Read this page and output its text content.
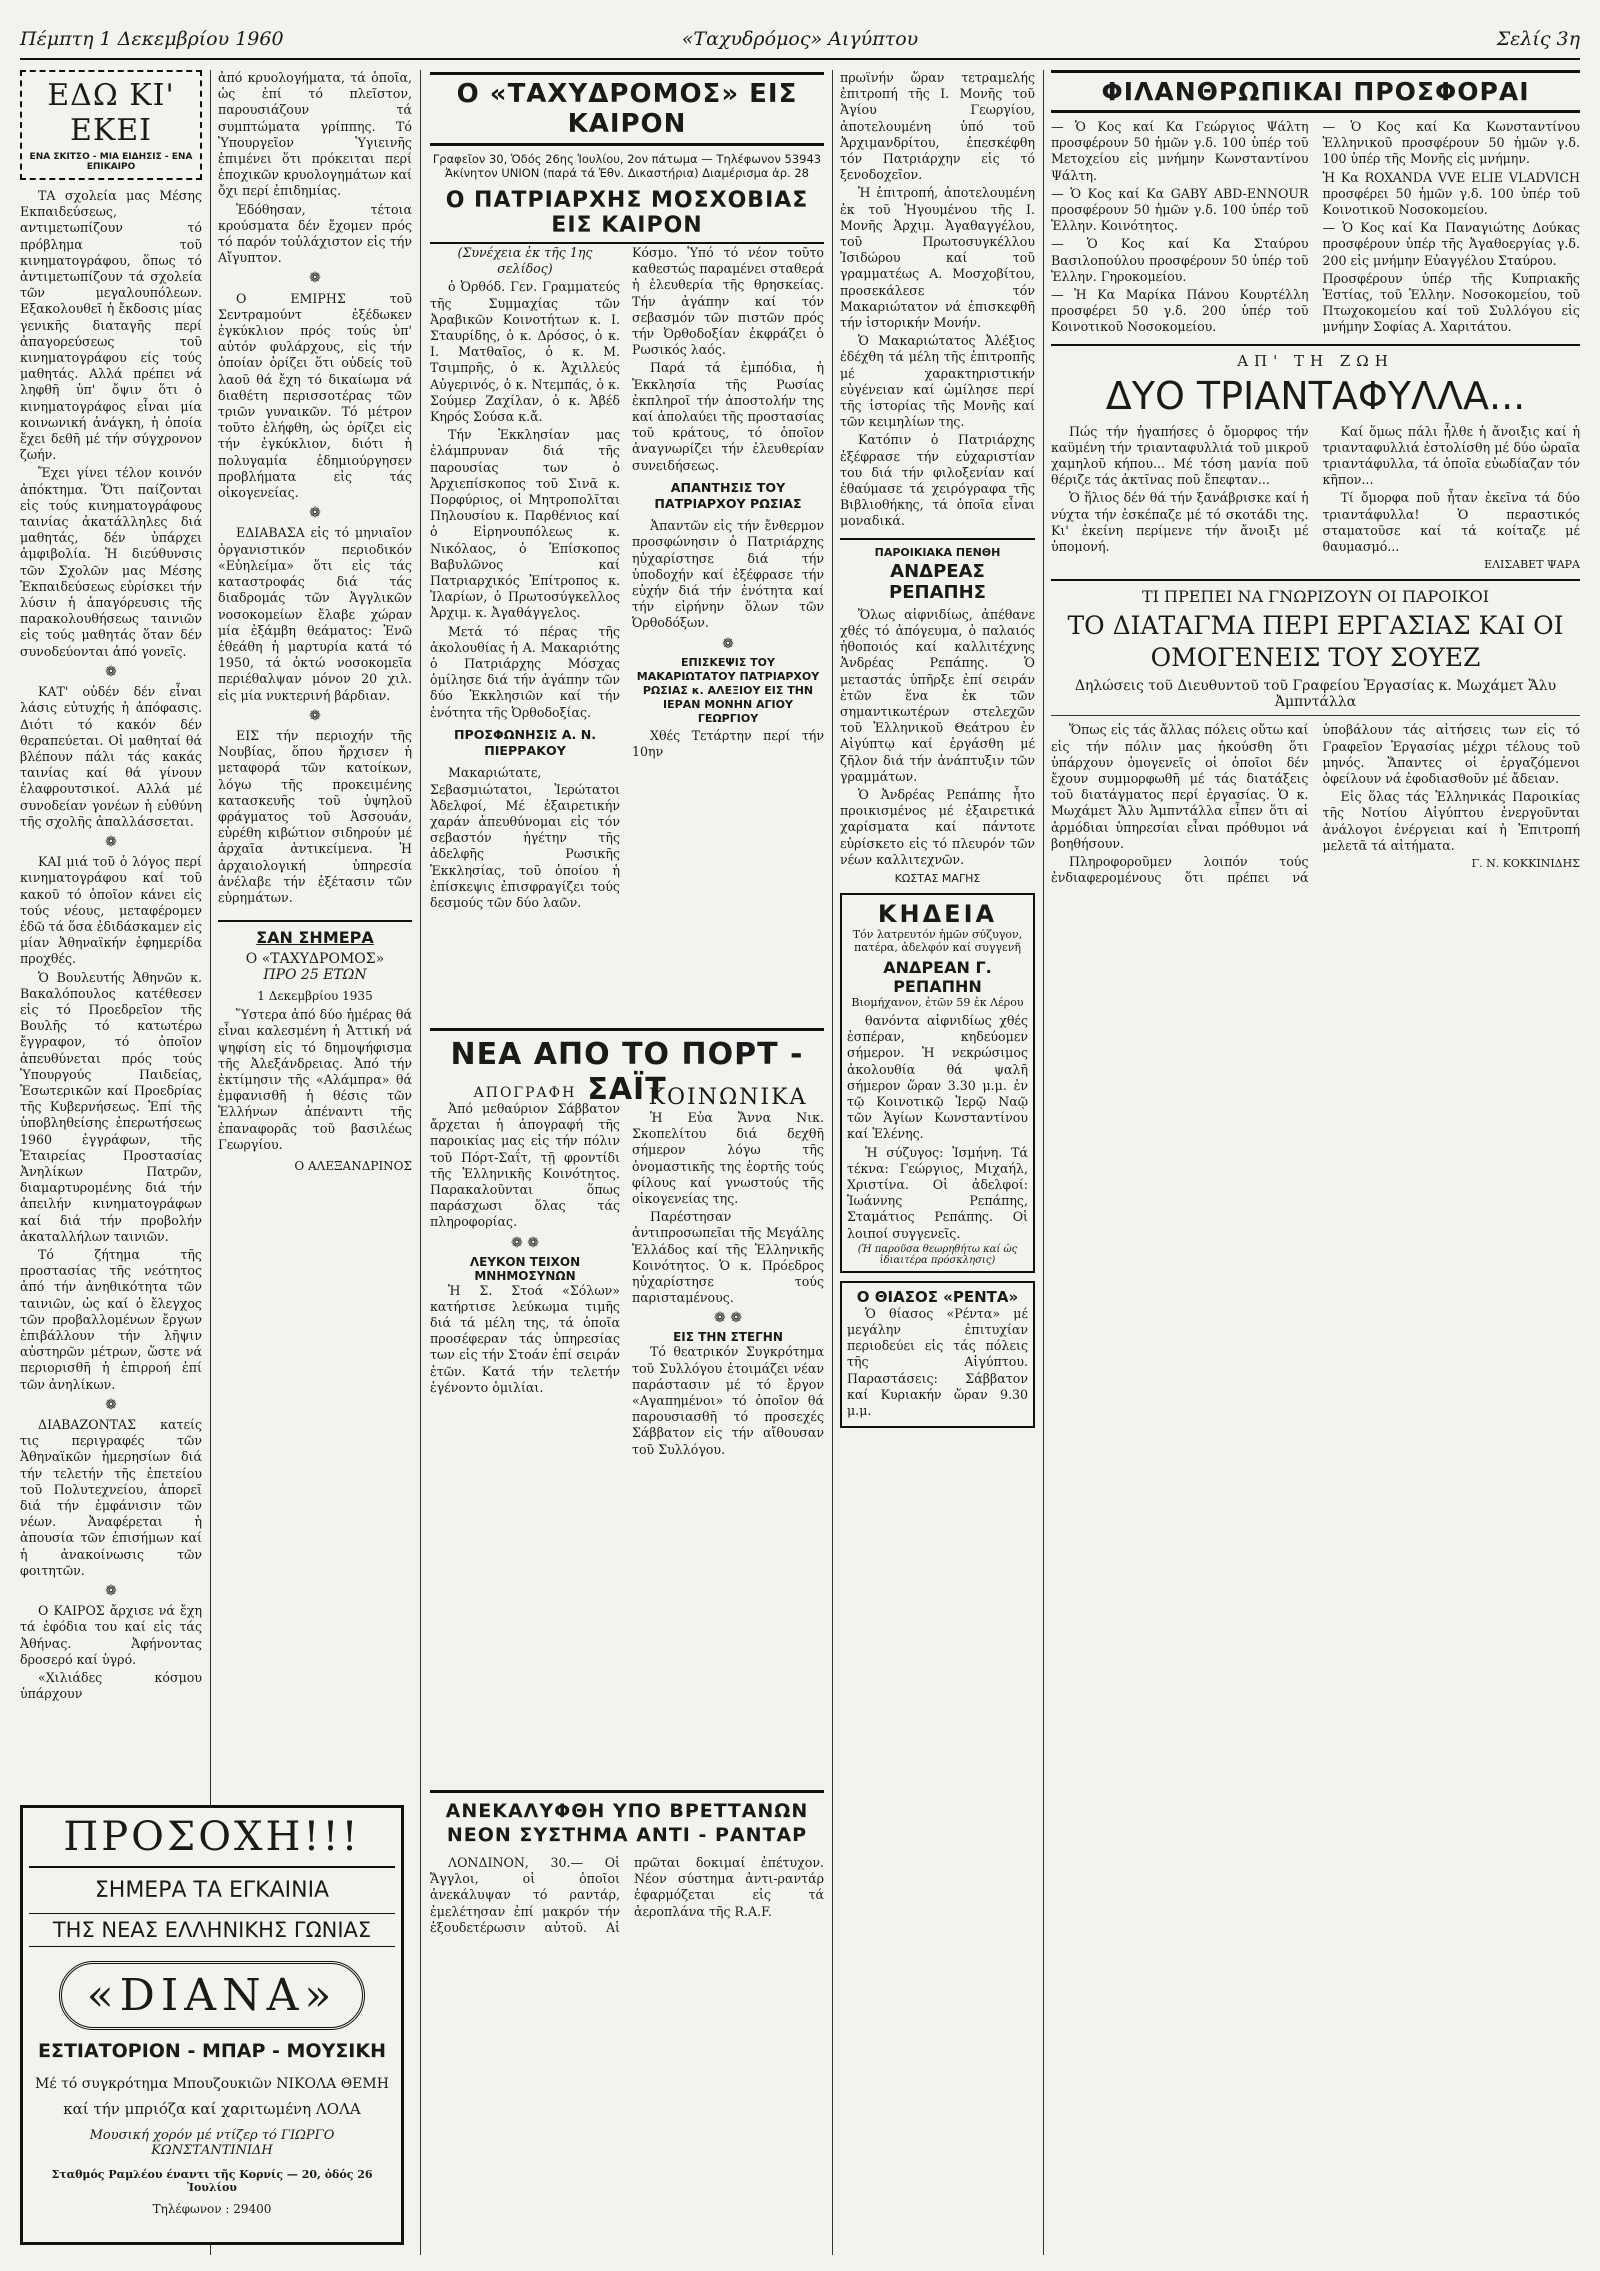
Πέμπτη 1 Δεκεμβρίου 1960	«Ταχυδρόμος» Αιγύπτου	Σελίς 3η
ΕΔΩ ΚΙ' ΕΚΕΙ
ΕΝΑ ΣΚΙΤΣΟ - ΜΙΑ ΕΙΔΗΣΙΣ - ΕΝΑ ΕΠΙΚΑΙΡΟ

ΤΑ σχολεία μας Μέσης Εκπαιδεύσεως, αντιμετωπίζουν τό πρόβλημα τοῦ κινηματογράφου, ὅπως τό ἀντιμετωπίζουν τά σχολεία τῶν μεγαλουπόλεων. Εξακολουθεῖ ἡ ἔκδοσις μίας γενικῆς διαταγῆς περί ἀπαγορεύσεως τοῦ κινηματογράφου είς τούς μαθητάς. Αλλά πρέπει νά ληφθῆ ὑπ' ὄψιν ὅτι ὁ κινηματογράφος εἶναι μία κοινωνική ἀνάγκη, ἡ ὁποία ἔχει δεθῆ μέ τήν σύγχρονον ζωήν.

Ἔχει γίνει τέλον κοινόν ἀπόκτημα. Ὅτι παίζονται εἰς τούς κινηματογράφους ταινίας ἀκατάλληλες διά μαθητάς, δέν ὑπάρχει ἀμφιβολία. Ἡ διεύθυνσις τῶν Σχολῶν μας Μέσης Ἐκπαιδεύσεως εὑρίσκει τήν λύσιν ἡ ἀπαγόρευσις τῆς παρακολουθήσεως ταινιῶν εἰς τούς μαθητάς ὅταν δέν συνοδεύονται ἀπό γονεῖς.

❁

ΚΑΤ' οὐδέν δέν εἶναι λάσις εὐτυχής ἡ ἀπόφασις. Διότι τό κακόν δέν θεραπεύεται. Οἱ μαθηταί θά βλέπουν πάλι τάς κακάς ταινίας καί θά γίνουν ἐλαφρουτσικοί. Αλλά μέ συνοδείαν γονέων ἡ εὐθύνη τῆς σχολῆς ἀπαλλάσσεται.

❁

ΚΑΙ μιά τοῦ ὁ λόγος περί κινηματογράφου καί τοῦ κακοῦ τό ὁποῖον κάνει εἰς τούς νέους, μεταφέρομεν ἐδῶ τά ὅσα ἐδιδάσκαμεν εἰς μίαν Ἀθηναϊκήν ἐφημερίδα προχθές.

Ὁ Βουλευτής Ἀθηνῶν κ. Βακαλόπουλος κατέθεσεν εἰς τό Προεδρεῖον τῆς Βουλῆς τό κατωτέρω ἔγγραφον, τό ὁποῖον ἀπευθύνεται πρός τούς Ὑπουργούς Παιδείας, Ἐσωτερικῶν καί Προεδρίας τῆς Κυβερνήσεως. Ἐπί τῆς ὑποβληθείσης ἐπερωτήσεως 1960 ἐγγράφων, τῆς Ἑταιρείας Προστασίας Ἀνηλίκων Πατρῶν, διαμαρτυρομένης διά τήν ἀπειλήν κινηματογράφων καί διά τήν προβολήν ἀκαταλλήλων ταινιῶν.

Τό ζήτημα τῆς προστασίας τῆς νεότητος ἀπό τήν ἀνηθικότητα τῶν ταινιῶν, ὡς καί ὁ ἔλεγχος τῶν προβαλλομένων ἔργων ἐπιβάλλουν τήν λῆψιν αὐστηρῶν μέτρων, ὥστε νά περιορισθῆ ἡ ἐπιρροή ἐπί τῶν ἀνηλίκων.

❁

ΔΙΑΒΑΖΟΝΤΑΣ κατείς τις περιγραφές τῶν Ἀθηναϊκῶν ἡμερησίων διά τήν τελετήν τῆς ἐπετείου τοῦ Πολυτεχνείου, ἀπορεῖ διά τήν ἐμφάνισιν τῶν νέων. Ἀναφέρεται ἡ ἀπουσία τῶν ἐπισήμων καί ἡ ἀνακοίνωσις τῶν φοιτητῶν.

❁

Ο ΚΑΙΡΟΣ ἄρχισε νά ἔχη τά ἐφόδια του καί εἰς τάς Ἀθήνας. Ἀφήνοντας δροσερό καί ὑγρό.

«Χιλιάδες κόσμου ὑπάρχουν

ΠΡΟΣΟΧΗ!!!
ΣΗΜΕΡΑ ΤΑ ΕΓΚΑΙΝΙΑ
ΤΗΣ ΝΕΑΣ ΕΛΛΗΝΙΚΗΣ ΓΩΝΙΑΣ
«DIANA»
ΕΣΤΙΑΤΟΡΙΟΝ - ΜΠΑΡ - ΜΟΥΣΙΚΗ
Μέ τό συγκρότημα Μπουζουκιῶν ΝΙΚΟΛΑ ΘΕΜΗ
καί τήν μπριόζα καί χαριτωμένη ΛΟΛΑ
Μουσική χορόν μέ ντίζερ τό ΓΙΩΡΓΟ ΚΩΝΣΤΑΝΤΙΝΙΔΗ
Σταθμός Ραμλέου έναντι τῆς Κορνίς — 20, ὁδός 26 Ἰουλίου
Τηλέφωνον : 29400

ἀπό κρυολογήματα, τά ὁποῖα, ὡς ἐπί τό πλεῖστον, παρουσιάζουν τά συμπτώματα γρίππης. Τό Ὑπουργεῖον Ὑγιεινῆς ἐπιμένει ὅτι πρόκειται περί ἐποχικῶν κρυολογημάτων καί ὄχι περί ἐπιδημίας.

Ἐδόθησαν, τέτοια κρούσματα δέν ἔχομεν πρός τό παρόν τοὐλάχιστον εἰς τήν Αἴγυπτον.

❁

Ο ΕΜΙΡΗΣ τοῦ Σεντραμούντ ἐξέδωκεν ἐγκύκλιον πρός τούς ὑπ' αὐτόν φυλάρχους, εἰς τήν ὁποίαν ὁρίζει ὅτι οὐδείς τοῦ λαοῦ θά ἔχη τό δικαίωμα νά διαθέτη περισσοτέρας τῶν τριῶν γυναικῶν. Τό μέτρον τοῦτο ἐλήφθη, ὡς ὁρίζει εἰς τήν ἐγκύκλιον, διότι ἡ πολυγαμία ἐδημιούργησεν προβλήματα εἰς τάς οἰκογενείας.

❁

ΕΔΙΑΒΑΣΑ εἰς τό μηνιαῖον ὀργανιστικόν περιοδικόν «Εὐηλείμα» ὅτι εἰς τάς καταστροφάς διά τάς διαδρομάς τῶν Ἀγγλικῶν νοσοκομείων ἔλαβε χώραν μία ἐξάμβη θεάματος: Ἐνῶ ἐθεάθη ἡ μαρτυρία κατά τό 1950, τά ὀκτώ νοσοκομεῖα περιέθαλψαν μόνον 20 χιλ. εἰς μία νυκτερινή βάρδιαν.

❁

ΕΙΣ τήν περιοχήν τῆς Νουβίας, ὅπου ἤρχισεν ἡ μεταφορά τῶν κατοίκων, λόγω τῆς προκειμένης κατασκευῆς τοῦ ὑψηλοῦ φράγματος τοῦ Ἀσσουάν, εὑρέθη κιβώτιον σιδηρούν μέ ἀρχαῖα ἀντικείμενα. Ἡ ἀρχαιολογική ὑπηρεσία ἀνέλαβε τήν ἐξέτασιν τῶν εὑρημάτων.

ΣΑΝ ΣΗΜΕΡΑ
Ο «ΤΑΧΥΔΡΟΜΟΣ»
ΠΡΟ 25 ΕΤΩΝ
1 Δεκεμβρίου 1935

Ὕστερα ἀπό δύο ἡμέρας θά εἶναι καλεσμένη ἡ Ἀττική νά ψηφίση εἰς τό δημοψήφισμα τῆς Ἀλεξάνδρειας. Ἀπό τήν ἐκτίμησιν τῆς «Αλάμπρα» θά ἐμφανισθῆ ἡ θέσις τῶν Ἑλλήνων ἀπέναντι τῆς ἐπαναφορᾶς τοῦ βασιλέως Γεωργίου.

Ο ΑΛΕΞΑΝΔΡΙΝΟΣ
Ο «ΤΑΧΥΔΡΟΜΟΣ» ΕΙΣ ΚΑΙΡΟΝ
Γραφεῖον 30, Ὁδός 26ης Ἰουλίου, 2ον πάτωμα — Τηλέφωνον 53943
Ἀκίνητον UNION (παρά τά Ἐθν. Δικαστήρια) Διαμέρισμα ἀρ. 28
Ο ΠΑΤΡΙΑΡΧΗΣ ΜΟΣΧΟΒΙΑΣ ΕΙΣ ΚΑΙΡΟΝ

(Συνέχεια ἐκ τῆς 1ης σελίδος)

ὁ Ὀρθόδ. Γεν. Γραμματεύς τῆς Συμμαχίας τῶν Ἀραβικῶν Κοινοτήτων κ. Ι. Σταυρίδης, ὁ κ. Δρόσος, ὁ κ. Ι. Ματθαῖος, ὁ κ. Μ. Τσιμπρῆς, ὁ κ. Ἀχιλλεύς Αὐγερινός, ὁ κ. Ντεμπάς, ὁ κ. Σούμερ Ζαχίλαν, ὁ κ. Ἀβέδ Κηρός Σούσα κ.ἄ.

Τήν Ἐκκλησίαν μας ἐλάμπρυναν διά τῆς παρουσίας των ὁ Ἀρχιεπίσκοπος τοῦ Σινᾶ κ. Πορφύριος, οἱ Μητροπολῖται Πηλουσίου κ. Παρθένιος καί ὁ Εἰρηνουπόλεως κ. Νικόλαος, ὁ Ἐπίσκοπος Βαβυλῶνος καί Πατριαρχικός Ἐπίτροπος κ. Ἰλαρίων, ὁ Πρωτοσύγκελλος Ἀρχιμ. κ. Ἀγαθάγγελος.

Μετά τό πέρας τῆς ἀκολουθίας ἡ Α. Μακαριότης ὁ Πατριάρχης Μόσχας ὁμίλησε διά τήν ἀγάπην τῶν δύο Ἐκκλησιῶν καί τήν ἑνότητα τῆς Ὀρθοδοξίας.

ΠΡΟΣΦΩΝΗΣΙΣ Α. Ν. ΠΙΕΡΡΑΚΟΥ

Μακαριώτατε, Σεβασμιώτατοι, Ἱερώτατοι Ἀδελφοί, Μέ ἐξαιρετικήν χαράν ἀπευθύνομαι εἰς τόν σεβαστόν ἡγέτην τῆς ἀδελφῆς Ρωσικῆς Ἐκκλησίας, τοῦ ὁποίου ἡ ἐπίσκεψις ἐπισφραγίζει τούς δεσμούς τῶν δύο λαῶν.

Κόσμο. Ὑπό τό νέον τοῦτο καθεστώς παραμένει σταθερά ἡ ἐλευθερία τῆς θρησκείας. Τήν ἀγάπην καί τόν σεβασμόν τῶν πιστῶν πρός τήν Ὀρθοδοξίαν ἐκφράζει ὁ Ρωσικός λαός.

Παρά τά ἐμπόδια, ἡ Ἐκκλησία τῆς Ρωσίας ἐκπληροῖ τήν ἀποστολήν της καί ἀπολαύει τῆς προστασίας τοῦ κράτους, τό ὁποῖον ἀναγνωρίζει τήν ἐλευθερίαν συνειδήσεως.

ΑΠΑΝΤΗΣΙΣ ΤΟΥ ΠΑΤΡΙΑΡΧΟΥ ΡΩΣΙΑΣ

Ἀπαντῶν εἰς τήν ἔνθερμον προσφώνησιν ὁ Πατριάρχης ηὐχαρίστησε διά τήν ὑποδοχήν καί ἐξέφρασε τήν εὐχήν διά τήν ἑνότητα καί τήν εἰρήνην ὅλων τῶν Ὀρθοδόξων.

❁

ΕΠΙΣΚΕΨΙΣ ΤΟΥ ΜΑΚΑΡΙΩΤΑΤΟΥ ΠΑΤΡΙΑΡΧΟΥ ΡΩΣΙΑΣ κ. ΑΛΕΞΙΟΥ ΕΙΣ ΤΗΝ ΙΕΡΑΝ ΜΟΝΗΝ ΑΓΙΟΥ ΓΕΩΡΓΙΟΥ

Χθές Τετάρτην περί τήν 10ην

ΝΕΑ ΑΠΟ ΤΟ ΠΟΡΤ - ΣΑΪΤ
ΑΠΟΓΡΑΦΗ

Ἀπό μεθαύριον Σάββατον ἄρχεται ἡ ἀπογραφή τῆς παροικίας μας εἰς τήν πόλιν τοῦ Πόρτ-Σαΐτ, τῇ φροντίδι τῆς Ἑλληνικῆς Κοινότητος. Παρακαλοῦνται ὅπως παράσχωσι ὅλας τάς πληροφορίας.

❁ ❁
ΛΕΥΚΟΝ ΤΕΙΧΟΝ ΜΝΗΜΟΣΥΝΩΝ

Ἡ Σ. Στοά «Σόλων» κατήρτισε λεύκωμα τιμῆς διά τά μέλη της, τά ὁποῖα προσέφεραν τάς ὑπηρεσίας των εἰς τήν Στοάν ἐπί σειράν ἐτῶν. Κατά τήν τελετήν ἐγένοντο ὁμιλίαι.

ΚΟΙΝΩΝΙΚΑ

Ἡ Εὐα Ἄννα Νικ. Σκοπελίτου διά δεχθῆ σήμερον λόγω τῆς ὀνομαστικῆς της ἑορτῆς τούς φίλους καί γνωστούς τῆς οἰκογενείας της.

Παρέστησαν ἀντιπροσωπεῖαι τῆς Μεγάλης Ἑλλάδος καί τῆς Ἑλληνικῆς Κοινότητος. Ὁ κ. Πρόεδρος ηὐχαρίστησε τούς παρισταμένους.

❁ ❁
ΕΙΣ ΤΗΝ ΣΤΕΓΗΝ

Τό θεατρικόν Συγκρότημα τοῦ Συλλόγου ἑτοιμάζει νέαν παράστασιν μέ τό ἔργον «Αγαπημένοι» τό ὁποῖον θά παρουσιασθῆ τό προσεχές Σάββατον εἰς τήν αἴθουσαν τοῦ Συλλόγου.

ΑΝΕΚΑΛΥΦΘΗ ΥΠΟ ΒΡΕΤΤΑΝΩΝ ΝΕΟΝ ΣΥΣΤΗΜΑ ΑΝΤΙ - ΡΑΝΤΑΡ

ΛΟΝΔΙΝΟΝ, 30.— Οἱ Ἄγγλοι, οἱ ὁποῖοι ἀνεκάλυψαν τό ραντάρ, ἐμελέτησαν ἐπί μακρόν τήν ἐξουδετέρωσιν αὐτοῦ. Αἱ πρῶται δοκιμαί ἐπέτυχον. Νέον σύστημα ἀντι-ραντάρ ἐφαρμόζεται εἰς τά ἀεροπλάνα τῆς R.A.F.

πρωϊνήν ὥραν τετραμελής ἐπιτροπή τῆς Ι. Μονῆς τοῦ Ἁγίου Γεωργίου, ἀποτελουμένη ὑπό τοῦ Ἀρχιμανδρίτου, ἐπεσκέφθη τόν Πατριάρχην εἰς τό ξενοδοχεῖον.

Ἡ ἐπιτροπή, ἀποτελουμένη ἐκ τοῦ Ἡγουμένου τῆς Ι. Μονῆς Ἀρχιμ. Ἀγαθαγγέλου, τοῦ Πρωτοσυγκέλλου Ἰσιδώρου καί τοῦ γραμματέως Α. Μοσχοβίτου, προσεκάλεσε τόν Μακαριώτατον νά ἐπισκεφθῆ τήν ἱστορικήν Μονήν.

Ὁ Μακαριώτατος Ἀλέξιος ἐδέχθη τά μέλη τῆς ἐπιτροπῆς μέ χαρακτηριστικήν εὐγένειαν καί ὡμίλησε περί τῆς ἱστορίας τῆς Μονῆς καί τῶν κειμηλίων της.

Κατόπιν ὁ Πατριάρχης ἐξέφρασε τήν εὐχαριστίαν του διά τήν φιλοξενίαν καί ἐθαύμασε τά χειρόγραφα τῆς Βιβλιοθήκης, τά ὁποῖα εἶναι μοναδικά.

ΠΑΡΟΙΚΙΑΚΑ ΠΕΝΘΗ
ΑΝΔΡΕΑΣ ΡΕΠΑΠΗΣ

Ὅλως αἰφνιδίως, ἀπέθανε χθές τό ἀπόγευμα, ὁ παλαιός ἠθοποιός καί καλλιτέχνης Ἀνδρέας Ρεπάπης. Ὁ μεταστάς ὑπῆρξε ἐπί σειράν ἐτῶν ἕνα ἐκ τῶν σημαντικωτέρων στελεχῶν τοῦ Ἑλληνικοῦ Θεάτρου ἐν Αἰγύπτῳ καί ἐργάσθη μέ ζῆλον διά τήν ἀνάπτυξιν τῶν γραμμάτων.

Ὁ Ἀνδρέας Ρεπάπης ἦτο προικισμένος μέ ἐξαιρετικά χαρίσματα καί πάντοτε εὑρίσκετο εἰς τό πλευρόν τῶν νέων καλλιτεχνῶν.

ΚΩΣΤΑΣ ΜΑΓΗΣ
ΚΗΔΕΙΑ
Τόν λατρευτόν ἡμῶν σύζυγον, πατέρα, ἀδελφόν καί συγγενῆ
ΑΝΔΡΕΑΝ Γ. ΡΕΠΑΠΗΝ
Βιομήχανον, ἐτῶν 59 ἐκ Λέρου

θανόντα αἰφνιδίως χθές ἑσπέραν, κηδεύομεν σήμερον. Ἡ νεκρώσιμος ἀκολουθία θά ψαλῆ σήμερον ὥραν 3.30 μ.μ. ἐν τῷ Κοινοτικῷ Ἱερῷ Ναῷ τῶν Ἁγίων Κωνσταντίνου καί Ἑλένης.

Ἡ σύζυγος: Ἰσμήνη. Τά τέκνα: Γεώργιος, Μιχαήλ, Χριστίνα. Οἱ ἀδελφοί: Ἰωάννης Ρεπάπης, Σταμάτιος Ρεπάπης. Οἱ λοιποί συγγενεῖς.

(Ἡ παροῦσα θεωρηθήτω καί ὡς ἰδιαιτέρα πρόσκλησις)
Ο ΘΙΑΣΟΣ «ΡΕΝΤΑ»

Ὁ θίασος «Ρέντα» μέ μεγάλην ἐπιτυχίαν περιοδεύει εἰς τάς πόλεις τῆς Αἰγύπτου. Παραστάσεις: Σάββατον καί Κυριακήν ὥραν 9.30 μ.μ.

ΦΙΛΑΝΘΡΩΠΙΚΑΙ ΠΡΟΣΦΟΡΑΙ

— Ὁ Κος καί Κα Γεώργιος Ψάλτη προσφέρουν 50 ἡμῶν γ.δ. 100 ὑπέρ τοῦ Μετοχείου εἰς μνήμην Κωνσταντίνου Ψάλτη.

— Ὁ Κος καί Κα GABY ABD-ENNOUR προσφέρουν 50 ἡμῶν γ.δ. 100 ὑπέρ τοῦ Ἑλλην. Κοινότητος.

— Ὁ Κος καί Κα Σταύρου Βασιλοπούλου προσφέρουν 50 ὑπέρ τοῦ Ἑλλην. Γηροκομείου.

— Ἡ Κα Μαρίκα Πάνου Κουρτέλλη προσφέρει 50 γ.δ. 200 ὑπέρ τοῦ Κοινοτικοῦ Νοσοκομείου.

— Ὁ Κος καί Κα Κωνσταντίνου Ἑλληνικοῦ προσφέρουν 50 ἡμῶν γ.δ. 100 ὑπέρ τῆς Μονῆς εἰς μνήμην.

Ἡ Κα ROXANDA VVE ELIE VLADVICH προσφέρει 50 ἡμῶν γ.δ. 100 ὑπέρ τοῦ Κοινοτικοῦ Νοσοκομείου.

— Ὁ Κος καί Κα Παναγιώτης Δούκας προσφέρουν ὑπέρ τῆς Ἀγαθοεργίας γ.δ. 200 εἰς μνήμην Εὐαγγέλου Σταύρου.

Προσφέρουν ὑπέρ τῆς Κυπριακῆς Ἑστίας, τοῦ Ἐλλην. Νοσοκομείου, τοῦ Πτωχοκομείου καί τοῦ Συλλόγου εἰς μνήμην Σοφίας Α. Χαριτάτου.

ΑΠ' ΤΗ ΖΩΗ
ΔΥΟ ΤΡΙΑΝΤΑΦΥΛΛΑ...

Πώς τήν ἠγαπήσες ὁ ὄμορφος τήν καϋμένη τήν τριανταφυλλιά τοῦ μικροῦ χαμηλοῦ κήπου... Μέ τόση μανία ποῦ θέριζε τάς ἀκτῖνας ποῦ ἔπεφταν...

Ὁ ἥλιος δέν θά τήν ξανάβρισκε καί ἡ νύχτα τήν ἐσκέπαζε μέ τό σκοτάδι της. Κι' ἐκείνη περίμενε τήν ἄνοιξι μέ ὑπομονή.

Καί ὅμως πάλι ἦλθε ἡ ἄνοιξις καί ἡ τριανταφυλλιά ἐστολίσθη μέ δύο ὡραῖα τριαντάφυλλα, τά ὁποῖα εὐωδίαζαν τόν κῆπον...

Τί ὄμορφα ποῦ ἦταν ἐκεῖνα τά δύο τριαντάφυλλα! Ὁ περαστικός σταματοῦσε καί τά κοίταζε μέ θαυμασμό...

ΕΛΙΣΑΒΕΤ ΨΑΡΑ

ΤΙ ΠΡΕΠΕΙ ΝΑ ΓΝΩΡΙΖΟΥΝ ΟΙ ΠΑΡΟΙΚΟΙ
ΤΟ ΔΙΑΤΑΓΜΑ ΠΕΡΙ ΕΡΓΑΣΙΑΣ ΚΑΙ ΟΙ ΟΜΟΓΕΝΕΙΣ ΤΟΥ ΣΟΥΕΖ
Δηλώσεις τοῦ Διευθυντοῦ τοῦ Γραφείου Ἐργασίας κ. Μωχάμετ Ἄλυ Ἀμπντάλλα

Ὅπως εἰς τάς ἄλλας πόλεις οὕτω καί εἰς τήν πόλιν μας ἠκούσθη ὅτι ὑπάρχουν ὁμογενεῖς οἱ ὁποῖοι δέν ἔχουν συμμορφωθῆ μέ τάς διατάξεις τοῦ διατάγματος περί ἐργασίας. Ὁ κ. Μωχάμετ Ἄλυ Ἀμπντάλλα εἶπεν ὅτι αἱ ἀρμόδιαι ὑπηρεσίαι εἶναι πρόθυμοι νά βοηθήσουν.

Πληροφοροῦμεν λοιπόν τούς ἐνδιαφερομένους ὅτι πρέπει νά ὑποβάλουν τάς αἰτήσεις των εἰς τό Γραφεῖον Ἐργασίας μέχρι τέλους τοῦ μηνός. Ἅπαντες οἱ ἐργαζόμενοι ὀφείλουν νά ἐφοδιασθοῦν μέ ἄδειαν.

Εἰς ὅλας τάς Ἑλληνικάς Παροικίας τῆς Νοτίου Αἰγύπτου ἐνεργοῦνται ἀνάλογοι ἐνέργειαι καί ἡ Ἐπιτροπή μελετᾶ τά αἰτήματα.

Γ. Ν. ΚΟΚΚΙΝΙΔΗΣ
